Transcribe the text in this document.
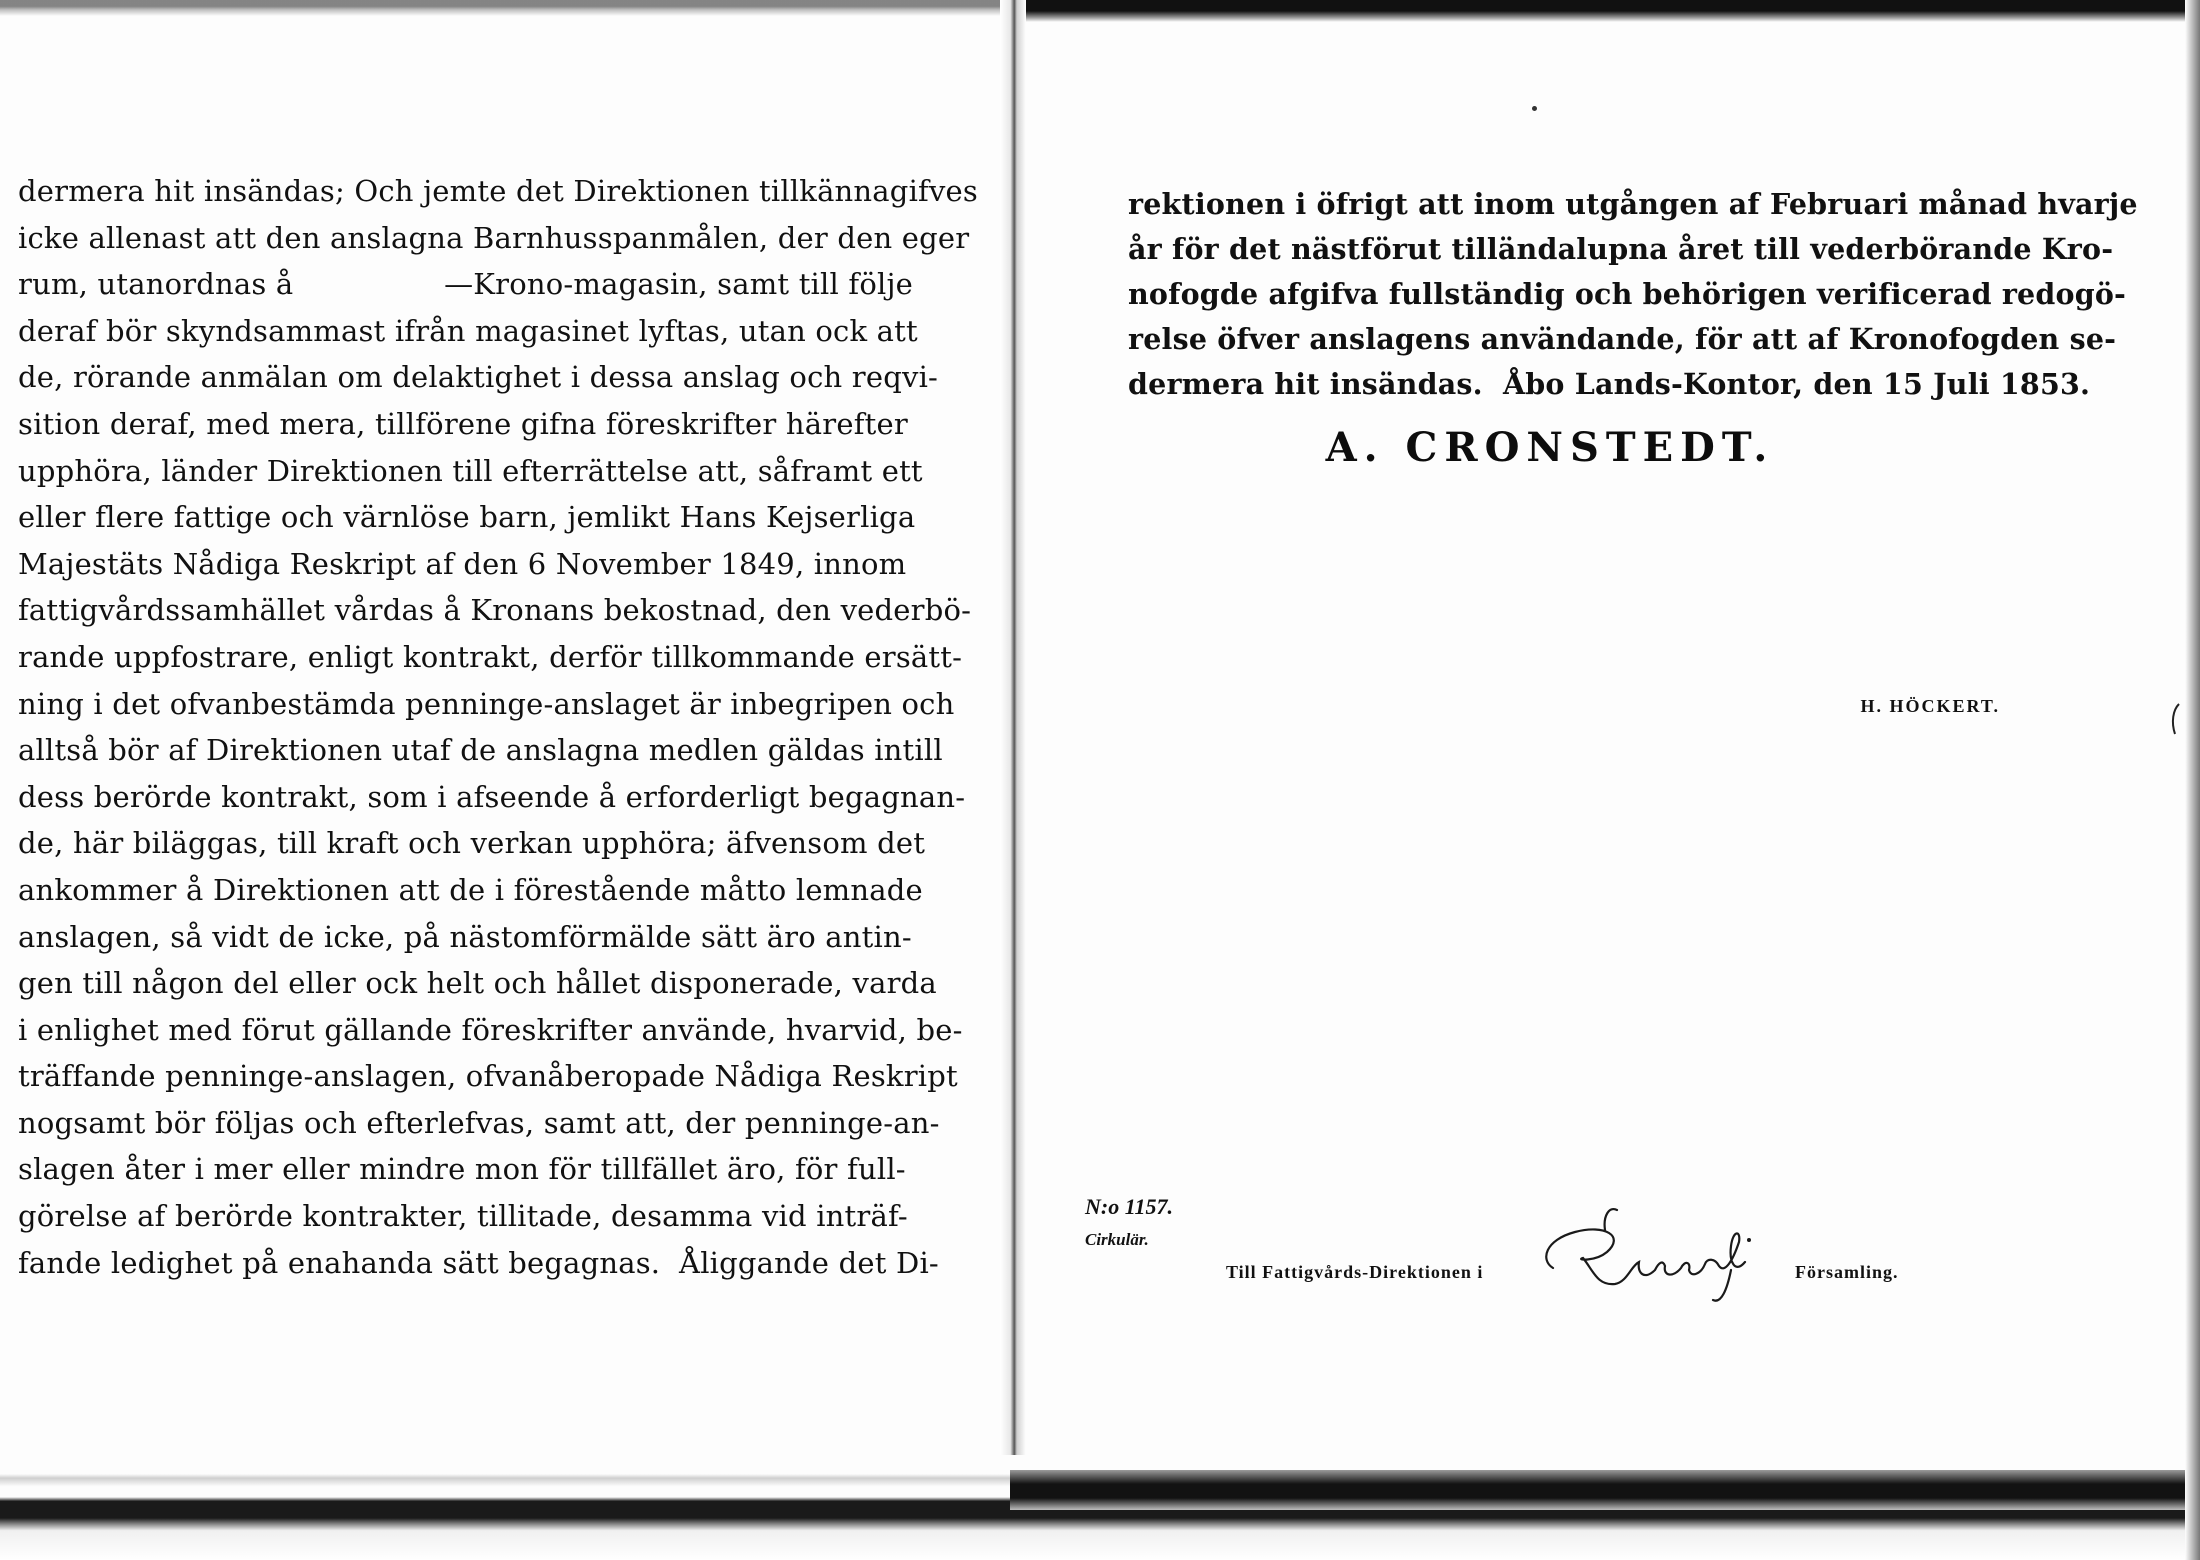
dermera hit insändas; Och jemte det Direktionen tillkännagifves
icke allenast att den anslagna Barnhusspanmålen, der den eger
rum, utanordnas å                —Krono-magasin, samt till följe
deraf bör skyndsammast ifrån magasinet lyftas, utan ock att
de, rörande anmälan om delaktighet i dessa anslag och reqvi-
sition deraf, med mera, tillförene gifna föreskrifter härefter
upphöra, länder Direktionen till efterrättelse att, såframt ett
eller flere fattige och värnlöse barn, jemlikt Hans Kejserliga
Majestäts Nådiga Reskript af den 6 November 1849, innom
fattigvårdssamhället vårdas å Kronans bekostnad, den vederbö-
rande uppfostrare, enligt kontrakt, derför tillkommande ersätt-
ning i det ofvanbestämda penninge-anslaget är inbegripen och
alltså bör af Direktionen utaf de anslagna medlen gäldas intill
dess berörde kontrakt, som i afseende å erforderligt begagnan-
de, här biläggas, till kraft och verkan upphöra; äfvensom det
ankommer å Direktionen att de i förestående måtto lemnade
anslagen, så vidt de icke, på nästomförmälde sätt äro antin-
gen till någon del eller ock helt och hållet disponerade, varda
i enlighet med förut gällande föreskrifter använde, hvarvid, be-
träffande penninge-anslagen, ofvanåberopade Nådiga Reskript
nogsamt bör följas och efterlefvas, samt att, der penninge-an-
slagen åter i mer eller mindre mon för tillfället äro, för full-
görelse af berörde kontrakter, tillitade, desamma vid inträf-
fande ledighet på enahanda sätt begagnas.  Åliggande det Di-
rektionen i öfrigt att inom utgången af Februari månad hvarje
år för det nästförut tilländalupna året till vederbörande Kro-
nofogde afgifva fullständig och behörigen verificerad redogö-
relse öfver anslagens användande, för att af Kronofogden se-
dermera hit insändas.  Åbo Lands-Kontor, den 15 Juli 1853.
A. CRONSTEDT.
H. HÖCKERT.
N:o 1157.
Cirkulär.
Till Fattigvårds-Direktionen i	Församling.
